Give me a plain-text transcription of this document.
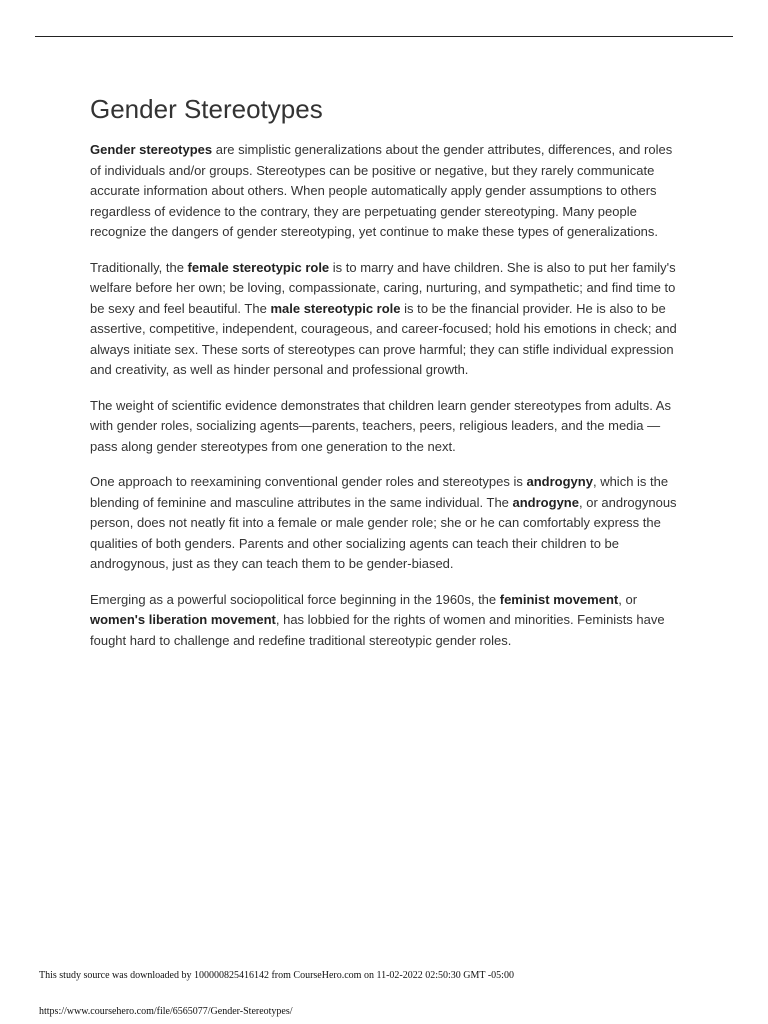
Gender Stereotypes

Gender stereotypes are simplistic generalizations about the gender attributes, differences, and roles of individuals and/or groups. Stereotypes can be positive or negative, but they rarely communicate accurate information about others. When people automatically apply gender assumptions to others regardless of evidence to the contrary, they are perpetuating gender stereotyping. Many people recognize the dangers of gender stereotyping, yet continue to make these types of generalizations.

Traditionally, the female stereotypic role is to marry and have children. She is also to put her family's welfare before her own; be loving, compassionate, caring, nurturing, and sympathetic; and find time to be sexy and feel beautiful. The male stereotypic role is to be the financial provider. He is also to be assertive, competitive, independent, courageous, and career-focused; hold his emotions in check; and always initiate sex. These sorts of stereotypes can prove harmful; they can stifle individual expression and creativity, as well as hinder personal and professional growth.

The weight of scientific evidence demonstrates that children learn gender stereotypes from adults. As with gender roles, socializing agents—parents, teachers, peers, religious leaders, and the media —pass along gender stereotypes from one generation to the next.

One approach to reexamining conventional gender roles and stereotypes is androgyny, which is the blending of feminine and masculine attributes in the same individual. The androgyne, or androgynous person, does not neatly fit into a female or male gender role; she or he can comfortably express the qualities of both genders. Parents and other socializing agents can teach their children to be androgynous, just as they can teach them to be gender-biased.

Emerging as a powerful sociopolitical force beginning in the 1960s, the feminist movement, or women's liberation movement, has lobbied for the rights of women and minorities. Feminists have fought hard to challenge and redefine traditional stereotypic gender roles.

This study source was downloaded by 100000825416142 from CourseHero.com on 11-02-2022 02:50:30 GMT -05:00
https://www.coursehero.com/file/6565077/Gender-Stereotypes/
